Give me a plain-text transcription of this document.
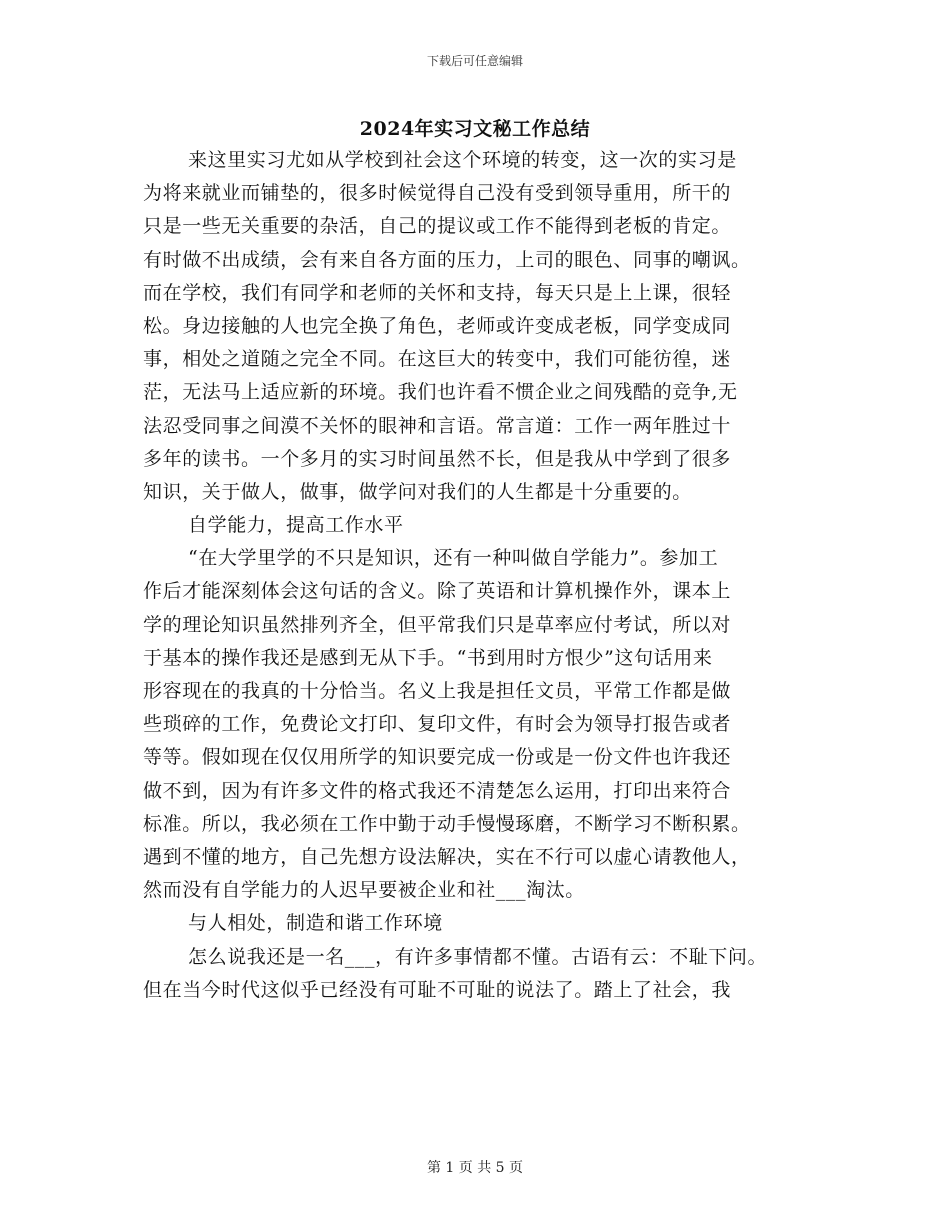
下载后可任意编辑
2024年实习文秘工作总结
来这里实习尤如从学校到社会这个环境的转变，这一次的实习是
为将来就业而铺垫的，很多时候觉得自己没有受到领导重用，所干的
只是一些无关重要的杂活，自己的提议或工作不能得到老板的肯定。
有时做不出成绩，会有来自各方面的压力，上司的眼色、同事的嘲讽。
而在学校，我们有同学和老师的关怀和支持，每天只是上上课，很轻
松。身边接触的人也完全换了角色，老师或许变成老板，同学变成同
事，相处之道随之完全不同。在这巨大的转变中，我们可能彷徨，迷
茫，无法马上适应新的环境。我们也许看不惯企业之间残酷的竞争,无
法忍受同事之间漠不关怀的眼神和言语。常言道：工作一两年胜过十
多年的读书。一个多月的实习时间虽然不长，但是我从中学到了很多
知识，关于做人，做事，做学问对我们的人生都是十分重要的。
自学能力，提高工作水平
“在大学里学的不只是知识，还有一种叫做自学能力”。参加工
作后才能深刻体会这句话的含义。除了英语和计算机操作外，课本上
学的理论知识虽然排列齐全，但平常我们只是草率应付考试，所以对
于基本的操作我还是感到无从下手。“书到用时方恨少”这句话用来
形容现在的我真的十分恰当。名义上我是担任文员，平常工作都是做
些琐碎的工作，免费论文打印、复印文件，有时会为领导打报告或者
等等。假如现在仅仅用所学的知识要完成一份或是一份文件也许我还
做不到，因为有许多文件的格式我还不清楚怎么运用，打印出来符合
标准。所以，我必须在工作中勤于动手慢慢琢磨，不断学习不断积累。
遇到不懂的地方，自己先想方设法解决，实在不行可以虚心请教他人，
然而没有自学能力的人迟早要被企业和社___淘汰。
与人相处，制造和谐工作环境
怎么说我还是一名___，有许多事情都不懂。古语有云：不耻下问。
但在当今时代这似乎已经没有可耻不可耻的说法了。踏上了社会，我
第 1 页 共 5 页
